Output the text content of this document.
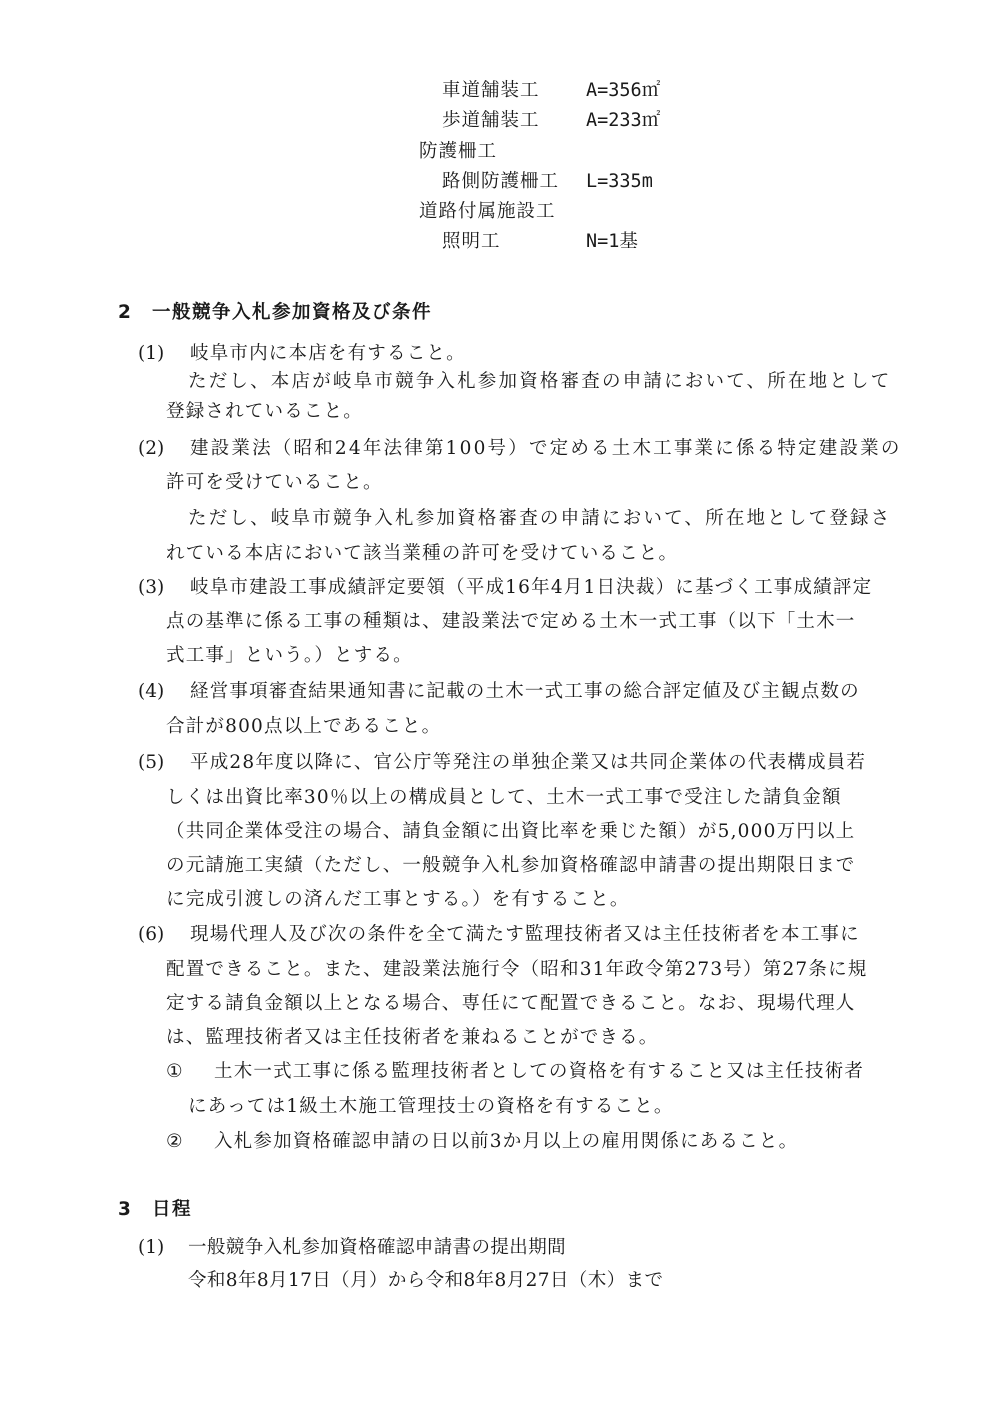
車道舗装工	A=356㎡
歩道舗装工	A=233㎡
防護柵工
路側防護柵工 L=335m
道路付属施設工
照明工	N=1基
2 一般競争入札参加資格及び条件
(1) 岐阜市内に本店を有すること。
ただし、本店が岐阜市競争入札参加資格審査の申請において、所在地として
登録されていること。
(2) 建設業法（昭和24年法律第100号）で定める土木工事業に係る特定建設業の
許可を受けていること。
ただし、岐阜市競争入札参加資格審査の申請において、所在地として登録さ
れている本店において該当業種の許可を受けていること。
(3) 岐阜市建設工事成績評定要領（平成16年4月1日決裁）に基づく工事成績評定
点の基準に係る工事の種類は、建設業法で定める土木一式工事（以下「土木一
式工事」という。）とする。
(4) 経営事項審査結果通知書に記載の土木一式工事の総合評定値及び主観点数の
合計が800点以上であること。
(5) 平成28年度以降に、官公庁等発注の単独企業又は共同企業体の代表構成員若
しくは出資比率30％以上の構成員として、土木一式工事で受注した請負金額
（共同企業体受注の場合、請負金額に出資比率を乗じた額）が5,000万円以上
の元請施工実績（ただし、一般競争入札参加資格確認申請書の提出期限日まで
に完成引渡しの済んだ工事とする。）を有すること。
(6) 現場代理人及び次の条件を全て満たす監理技術者又は主任技術者を本工事に
配置できること。また、建設業法施行令（昭和31年政令第273号）第27条に規
定する請負金額以上となる場合、専任にて配置できること。なお、現場代理人
は、監理技術者又は主任技術者を兼ねることができる。
① 土木一式工事に係る監理技術者としての資格を有すること又は主任技術者
にあっては1級土木施工管理技士の資格を有すること。
② 入札参加資格確認申請の日以前3か月以上の雇用関係にあること。
3 日程
(1) 一般競争入札参加資格確認申請書の提出期間
令和8年8月17日（月）から令和8年8月27日（木）まで
